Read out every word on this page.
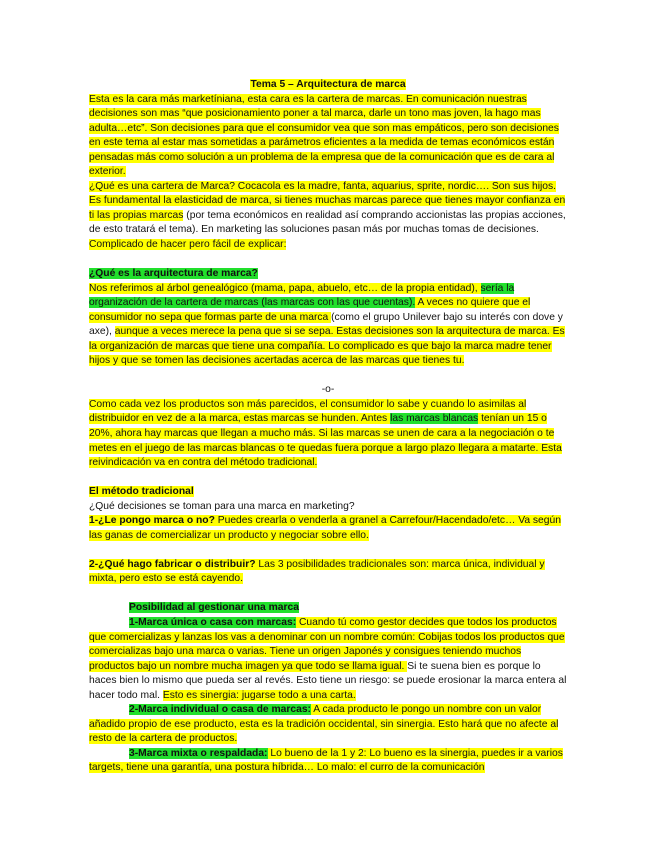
Tema 5 – Arquitectura de marca

Esta es la cara más marketíniana, esta cara es la cartera de marcas. En comunicación nuestras decisiones son mas “que posicionamiento poner a tal marca, darle un tono mas joven, la hago mas adulta…etc”. Son decisiones para que el consumidor vea que son mas empáticos, pero son decisiones en este tema al estar mas sometidas a parámetros eficientes a la medida de temas económicos están pensadas más como solución a un problema de la empresa que de la comunicación que es de cara al exterior.

¿Qué es una cartera de Marca? Cocacola es la madre, fanta, aquarius, sprite, nordic…. Son sus hijos. Es fundamental la elasticidad de marca, si tienes muchas marcas parece que tienes mayor confianza en ti las propias marcas (por tema económicos en realidad así comprando accionistas las propias acciones, de esto tratará el tema). En marketing las soluciones pasan más por muchas tomas de decisiones. Complicado de hacer pero fácil de explicar:

¿Qué es la arquitectura de marca?

Nos referimos al árbol genealógico (mama, papa, abuelo, etc… de la propia entidad), sería la organización de la cartera de marcas (las marcas con las que cuentas). A veces no quiere que el consumidor no sepa que formas parte de una marca (como el grupo Unilever bajo su interés con dove y axe), aunque a veces merece la pena que si se sepa. Estas decisiones son la arquitectura de marca. Es la organización de marcas que tiene una compañía. Lo complicado es que bajo la marca madre tener hijos y que se tomen las decisiones acertadas acerca de las marcas que tienes tu.

-o-

Como cada vez los productos son más parecidos, el consumidor lo sabe y cuando lo asimilas al distribuidor en vez de a la marca, estas marcas se hunden. Antes las marcas blancas tenían un 15 o 20%, ahora hay marcas que llegan a mucho más. Si las marcas se unen de cara a la negociación o te metes en el juego de las marcas blancas o te quedas fuera porque a largo plazo llegara a matarte. Esta reivindicación va en contra del método tradicional.

El método tradicional

¿Qué decisiones se toman para una marca en marketing?

1-¿Le pongo marca o no? Puedes crearla o venderla a granel a Carrefour/Hacendado/etc… Va según las ganas de comercializar un producto y negociar sobre ello.

2-¿Qué hago fabricar o distribuir? Las 3 posibilidades tradicionales son: marca única, individual y mixta, pero esto se está cayendo.

Posibilidad al gestionar una marca

1-Marca única o casa con marcas: Cuando tú como gestor decides que todos los productos que comercializas y lanzas los vas a denominar con un nombre común: Cobijas todos los productos que comercializas bajo una marca o varias. Tiene un origen Japonés y consigues teniendo muchos productos bajo un nombre mucha imagen ya que todo se llama igual. Si te suena bien es porque lo haces bien lo mismo que pueda ser al revés. Esto tiene un riesgo: se puede erosionar la marca entera al hacer todo mal. Esto es sinergia: jugarse todo a una carta.

2-Marca individual o casa de marcas: A cada producto le pongo un nombre con un valor añadido propio de ese producto, esta es la tradición occidental, sin sinergia. Esto hará que no afecte al resto de la cartera de productos.

3-Marca mixta o respaldada: Lo bueno de la 1 y 2: Lo bueno es la sinergia, puedes ir a varios targets, tiene una garantía, una postura híbrida… Lo malo: el curro de la comunicación
